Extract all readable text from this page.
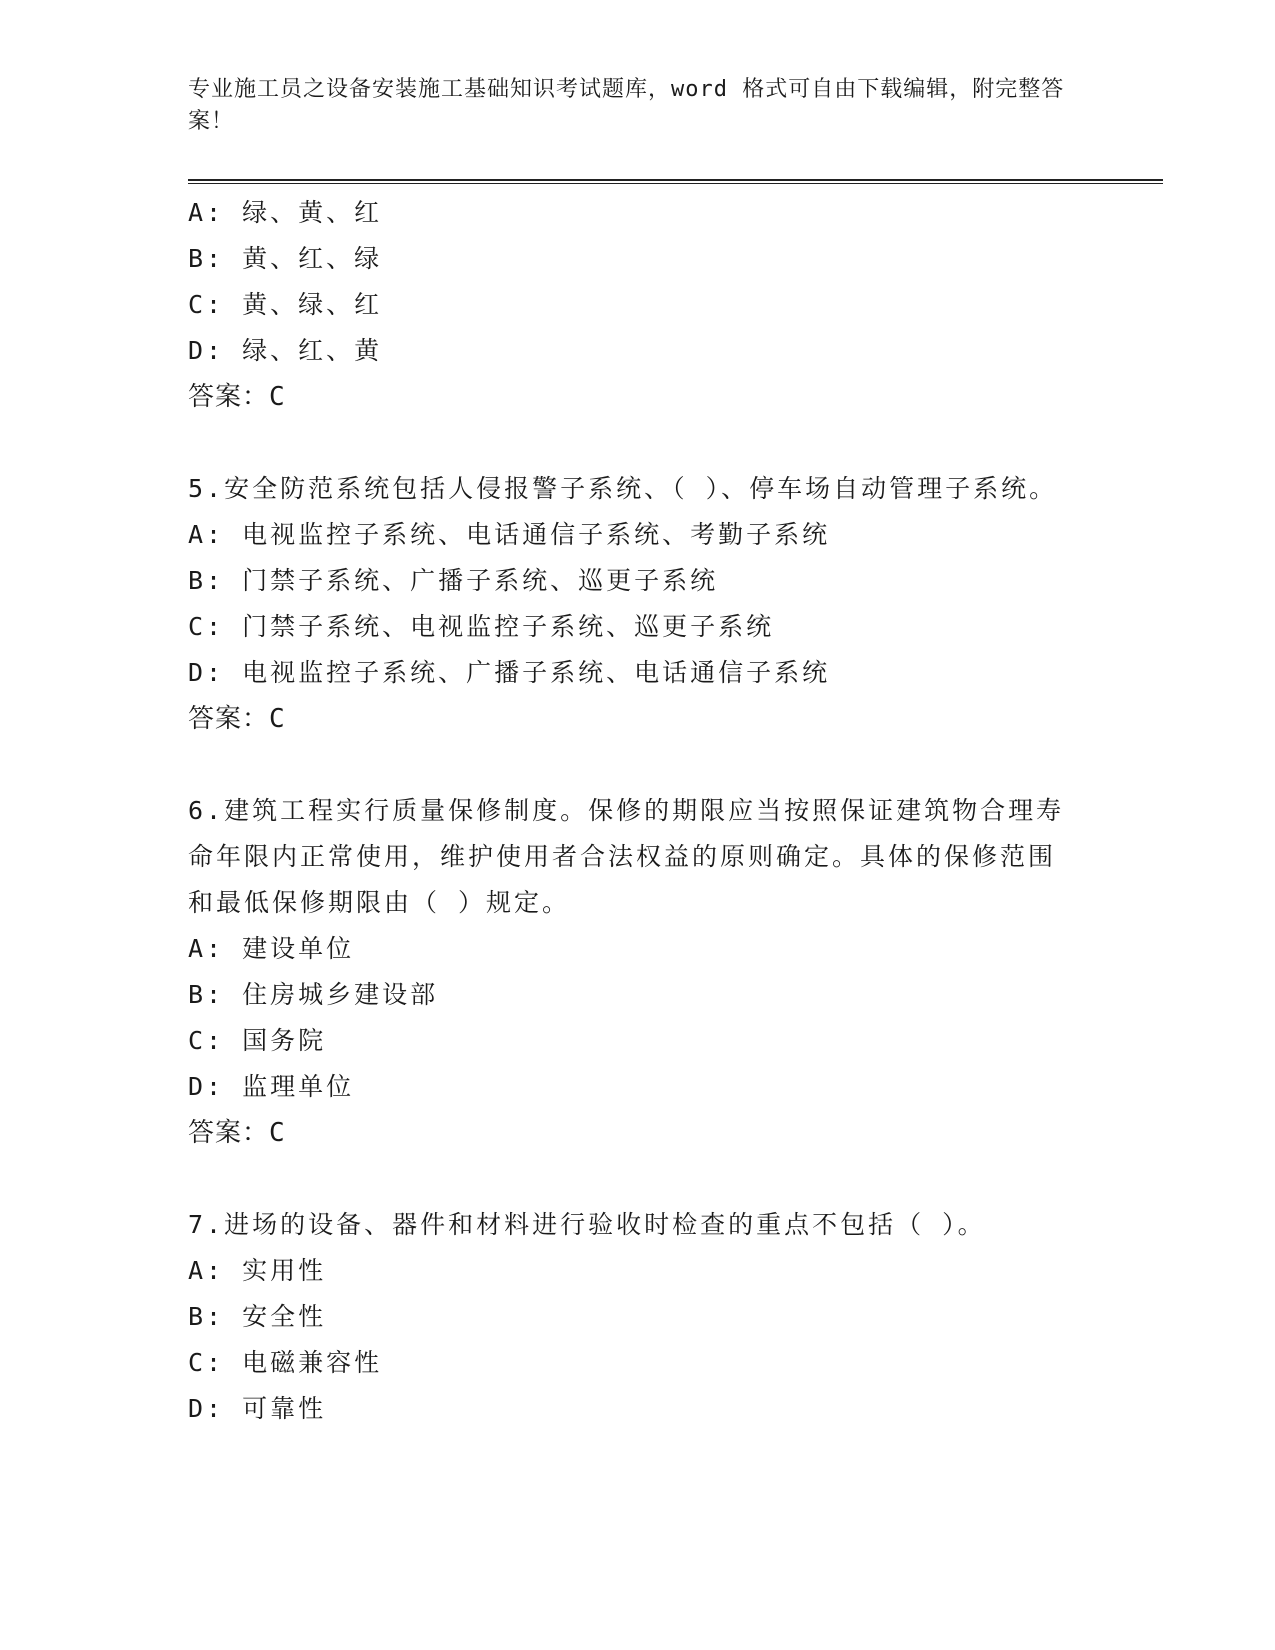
专业施工员之设备安装施工基础知识考试题库，word 格式可自由下载编辑，附完整答案！
A: 绿、黄、红
B: 黄、红、绿
C: 黄、绿、红
D: 绿、红、黄
答案：C
5.安全防范系统包括人侵报警子系统、（ ）、停车场自动管理子系统。
A: 电视监控子系统、电话通信子系统、考勤子系统
B: 门禁子系统、广播子系统、巡更子系统
C: 门禁子系统、电视监控子系统、巡更子系统
D: 电视监控子系统、广播子系统、电话通信子系统
答案：C
6.建筑工程实行质量保修制度。保修的期限应当按照保证建筑物合理寿命年限内正常使用，维护使用者合法权益的原则确定。具体的保修范围和最低保修期限由（ ）规定。
A: 建设单位
B: 住房城乡建设部
C: 国务院
D: 监理单位
答案：C
7.进场的设备、器件和材料进行验收时检查的重点不包括（ ）。
A: 实用性
B: 安全性
C: 电磁兼容性
D: 可靠性
